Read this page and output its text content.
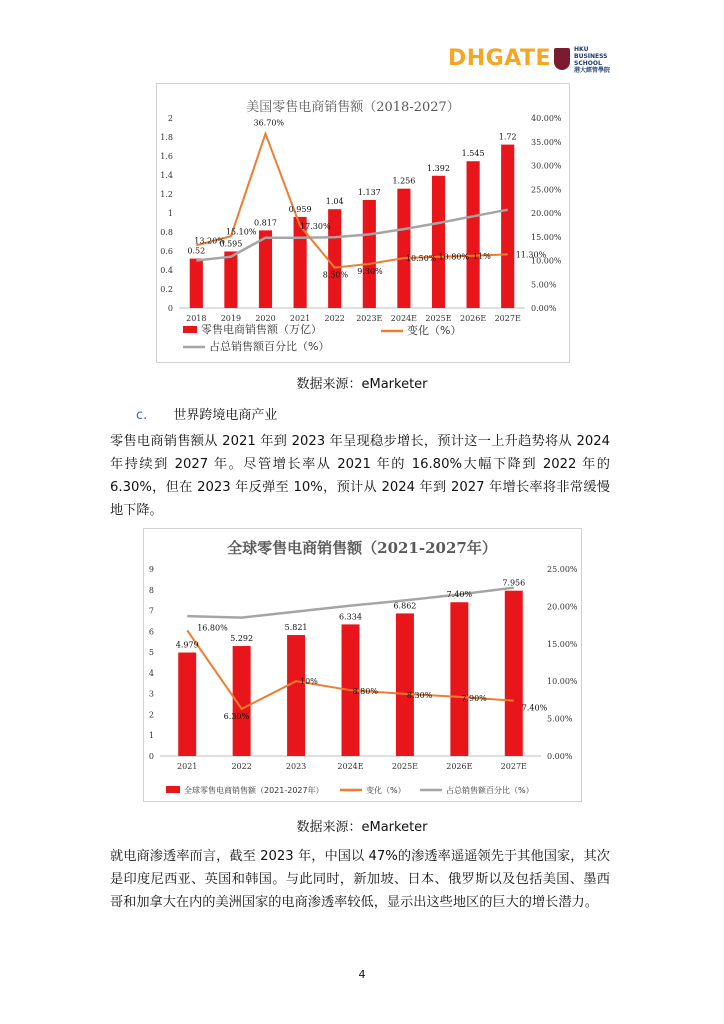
DHGATE	HKU
BUSINESS
SCHOOL
港大經管學院
美国零售电商销售额（2018-2027）
0
0.2
0.4
0.6
0.8
1
1.2
1.4
1.6
1.8
2
0.00%
5.00%
10.00%
15.00%
20.00%
25.00%
30.00%
35.00%
40.00%
2018 2019 2020 2021 2022 2023E 2024E 2025E 2026E 2027E
0.52
0.595
0.817
0.959
1.04
1.137
1.256
1.392
1.545
1.72
13.20%
15.10%
36.70%
17.30%
8.50% 9.30%
10.50% 10.80% 11%	11.30%
零售电商销售额（万亿）	变化（%）
占总销售额百分比（%）
数据来源：eMarketer
c. 世界跨境电商产业
零售电商销售额从 2021 年到 2023 年呈现稳步增长，预计这一上升趋势将从 2024 年持续到 2027 年。尽管增长率从 2021 年的 16.80%大幅下降到 2022 年的 6.30%，但在 2023 年反弹至 10%，预计从 2024 年到 2027 年增长率将非常缓慢地下降。
全球零售电商销售额（2021-2027年）
0
1
2
3
4
5
6
7
8
9
0.00%
5.00%
10.00%
15.00%
20.00%
25.00%
2021	2022	2023	2024E	2025E	2026E	2027E
4.979
5.292
5.821
6.334
6.862
7.40%
7.956
16.80%
6.30%
10%
8.80%	8.30%	7.90%
7.40%
全球零售电商销售额（2021-2027年）	变化（%）	占总销售额百分比（%）
数据来源：eMarketer
就电商渗透率而言，截至 2023 年，中国以 47%的渗透率遥遥领先于其他国家，其次是印度尼西亚、英国和韩国。与此同时，新加坡、日本、俄罗斯以及包括美国、墨西哥和加拿大在内的美洲国家的电商渗透率较低，显示出这些地区的巨大的增长潜力。
4
